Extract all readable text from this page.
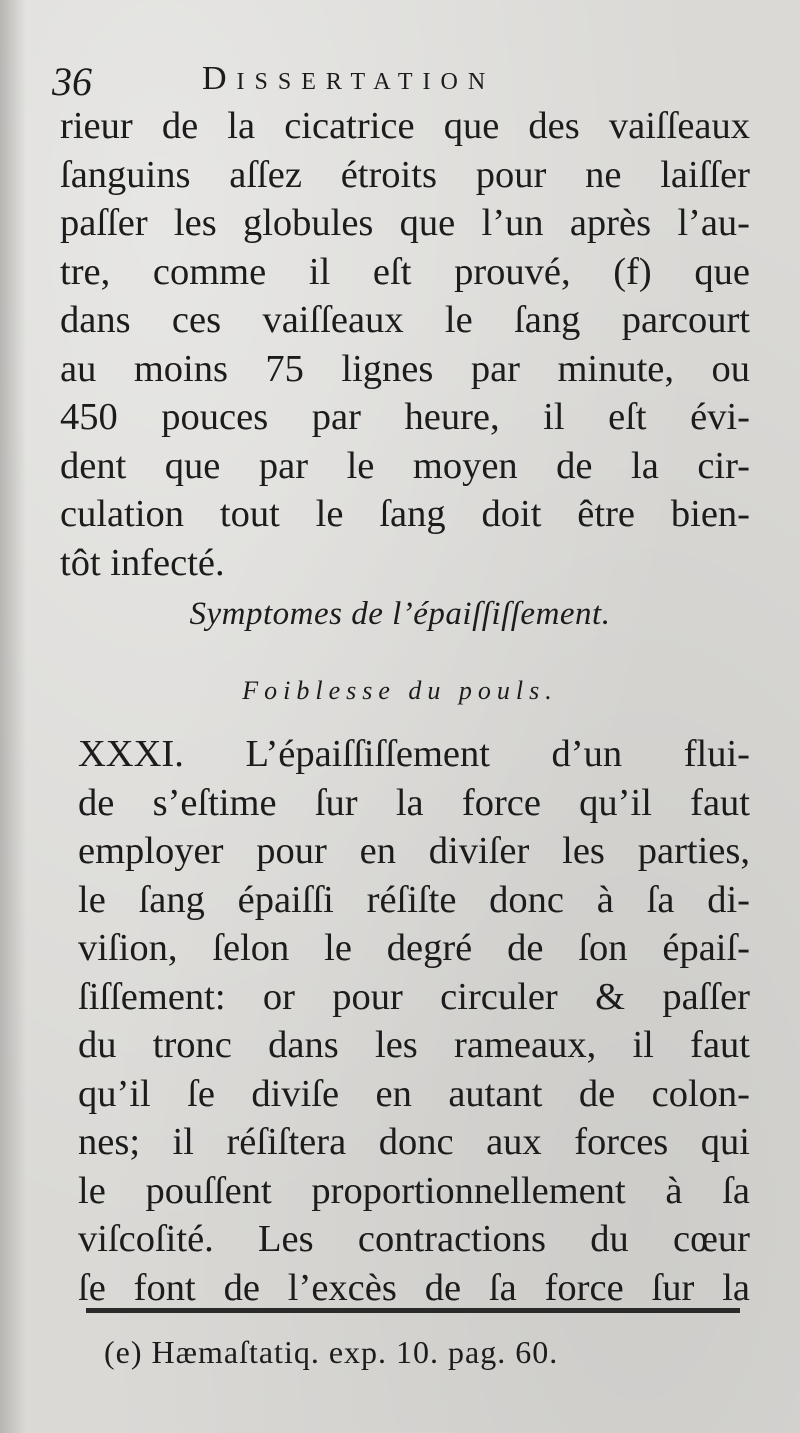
36	Dissertation
rieur de la cicatrice que des vaiſſeaux
ſanguins aſſez étroits pour ne laiſſer
paſſer les globules que l’un après l’au-
tre, comme il eſt prouvé, (f) que
dans ces vaiſſeaux le ſang parcourt
au moins 75 lignes par minute, ou
450 pouces par heure, il eſt évi-
dent que par le moyen de la cir-
culation tout le ſang doit être bien-
tôt infecté.
Symptomes de l’épaiſſiſſement.
Foiblesse du pouls.
XXXI. L’épaiſſiſſement d’un flui-
de s’eſtime ſur la force qu’il faut
employer pour en diviſer les parties,
le ſang épaiſſi réſiſte donc à ſa di-
viſion, ſelon le degré de ſon épaiſ-
ſiſſement: or pour circuler & paſſer
du tronc dans les rameaux, il faut
qu’il ſe diviſe en autant de colon-
nes; il réſiſtera donc aux forces qui
le pouſſent proportionnellement à ſa
viſcoſité. Les contractions du cœur
ſe font de l’excès de ſa force ſur la
(e) Hæmaſtatiq. exp. 10. pag. 60.
